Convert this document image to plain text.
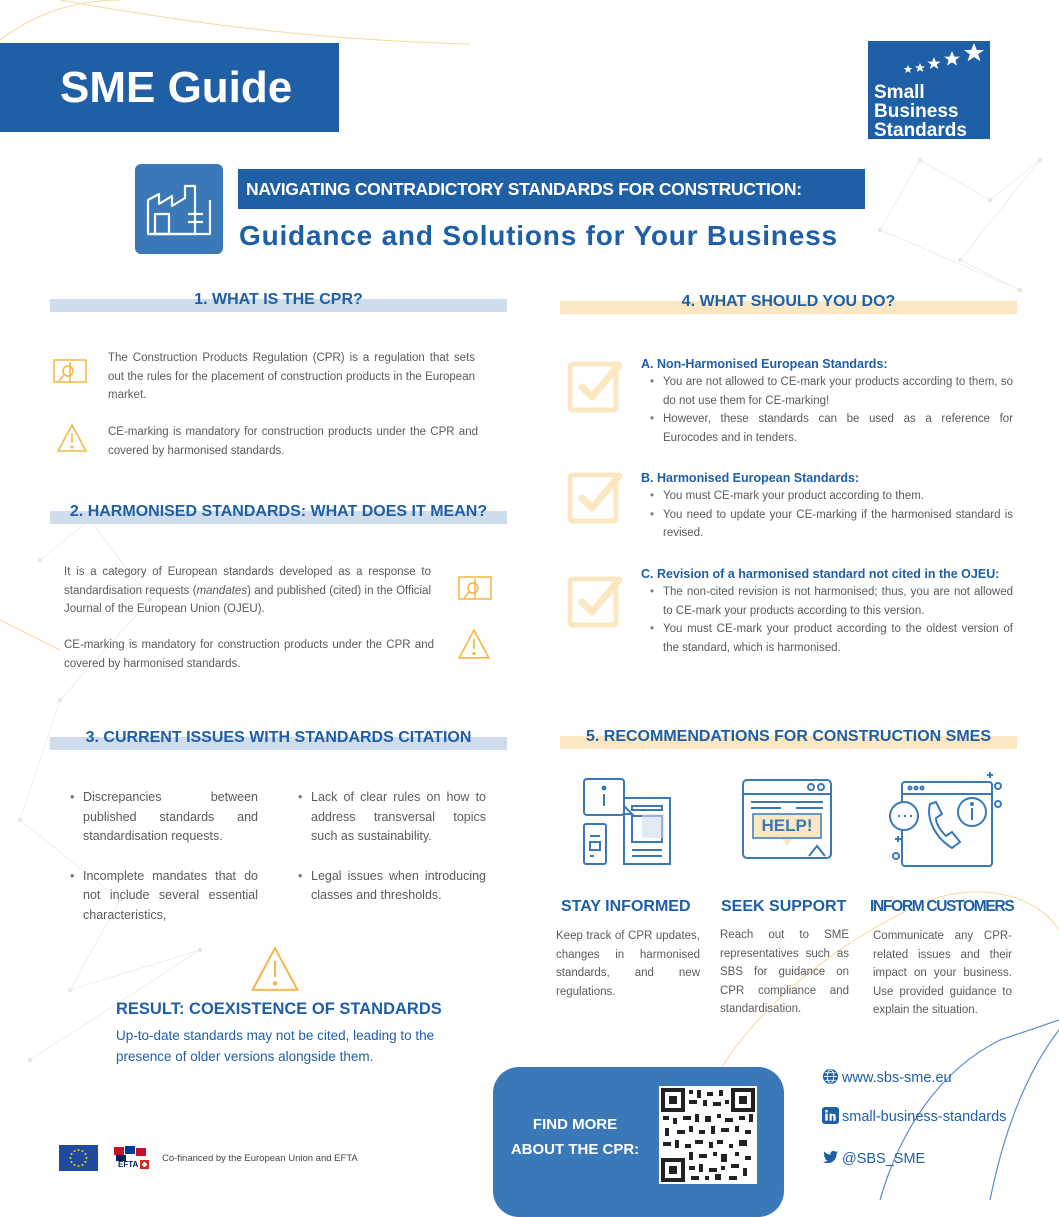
SME Guide	Small
Business
Standards
NAVIGATING CONTRADICTORY STANDARDS FOR CONSTRUCTION:
Guidance and Solutions for Your Business
1. WHAT IS THE CPR?
The Construction Products Regulation (CPR) is a regulation that sets out the rules for the placement of construction products in the European market.
CE-marking is mandatory for construction products under the CPR and covered by harmonised standards.
2. HARMONISED STANDARDS: WHAT DOES IT MEAN?
It is a category of European standards developed as a response to standardisation requests (mandates) and published (cited) in the Official Journal of the European Union (OJEU).
CE-marking is mandatory for construction products under the CPR and covered by harmonised standards.
3. CURRENT ISSUES WITH STANDARDS CITATION
• Discrepancies between published standards and standardisation requests.
• Incomplete mandates that do not include several essential characteristics,
• Lack of clear rules on how to address transversal topics such as sustainability.
• Legal issues when introducing classes and thresholds.
RESULT: COEXISTENCE OF STANDARDS
Up-to-date standards may not be cited, leading to the presence of older versions alongside them.
4. WHAT SHOULD YOU DO?
A. Non-Harmonised European Standards:
• You are not allowed to CE-mark your products according to them, so do not use them for CE-marking!
• However, these standards can be used as a reference for Eurocodes and in tenders.
B. Harmonised European Standards:
• You must CE-mark your product according to them.
• You need to update your CE-marking if the harmonised standard is revised.
C. Revision of a harmonised standard not cited in the OJEU:
• The non-cited revision is not harmonised; thus, you are not allowed to CE-mark your products according to this version.
• You must CE-mark your product according to the oldest version of the standard, which is harmonised.
5. RECOMMENDATIONS FOR CONSTRUCTION SMES
HELP!
STAY INFORMED
Keep track of CPR updates, changes in harmonised standards, and new regulations.
SEEK SUPPORT
Reach out to SME representatives such as SBS for guidance on CPR compliance and standardisation.
INFORM CUSTOMERS
Communicate any CPR-related issues and their impact on your business. Use provided guidance to explain the situation.
FIND MORE ABOUT THE CPR:
www.sbs-sme.eu
small-business-standards
@SBS_SME
EFTA
Co-financed by the European Union and EFTA
